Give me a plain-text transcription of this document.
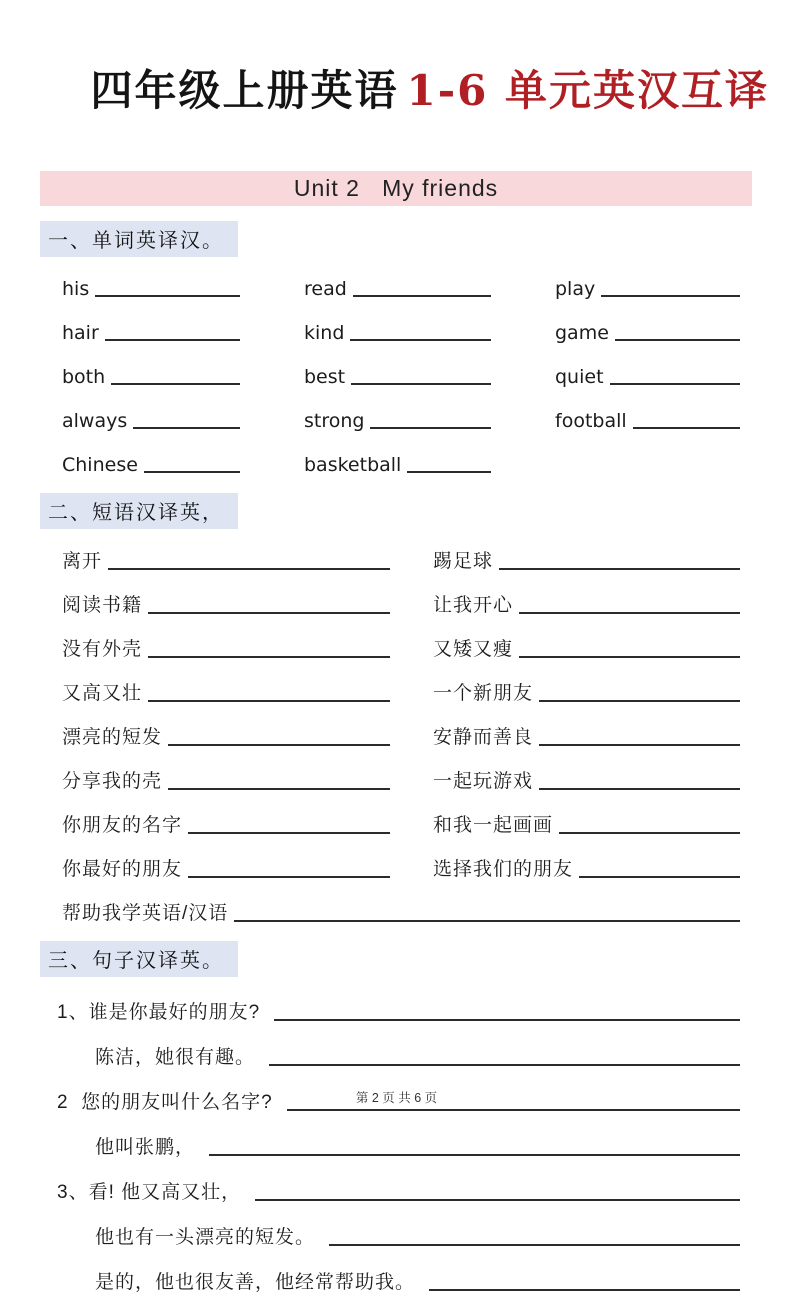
四年级上册英语 1-6 单元英汉互译

Unit 2   My friends
一、单词英译汉。
his	read	play
hair	kind	game
both	best	quiet
always	strong	football
Chinese	basketball
二、短语汉译英，
离开	踢足球
阅读书籍	让我开心
没有外壳	又矮又瘦
又高又壮	一个新朋友
漂亮的短发	安静而善良
分享我的壳	一起玩游戏
你朋友的名字	和我一起画画
你最好的朋友	选择我们的朋友
帮助我学英语/汉语
三、句子汉译英。
1、谁是你最好的朋友?
陈洁，她很有趣。
2  您的朋友叫什么名字?
他叫张鹏，
3、看! 他又高又壮，
他也有一头漂亮的短发。
是的，他也很友善，他经常帮助我。
第 2 页 共 6 页
